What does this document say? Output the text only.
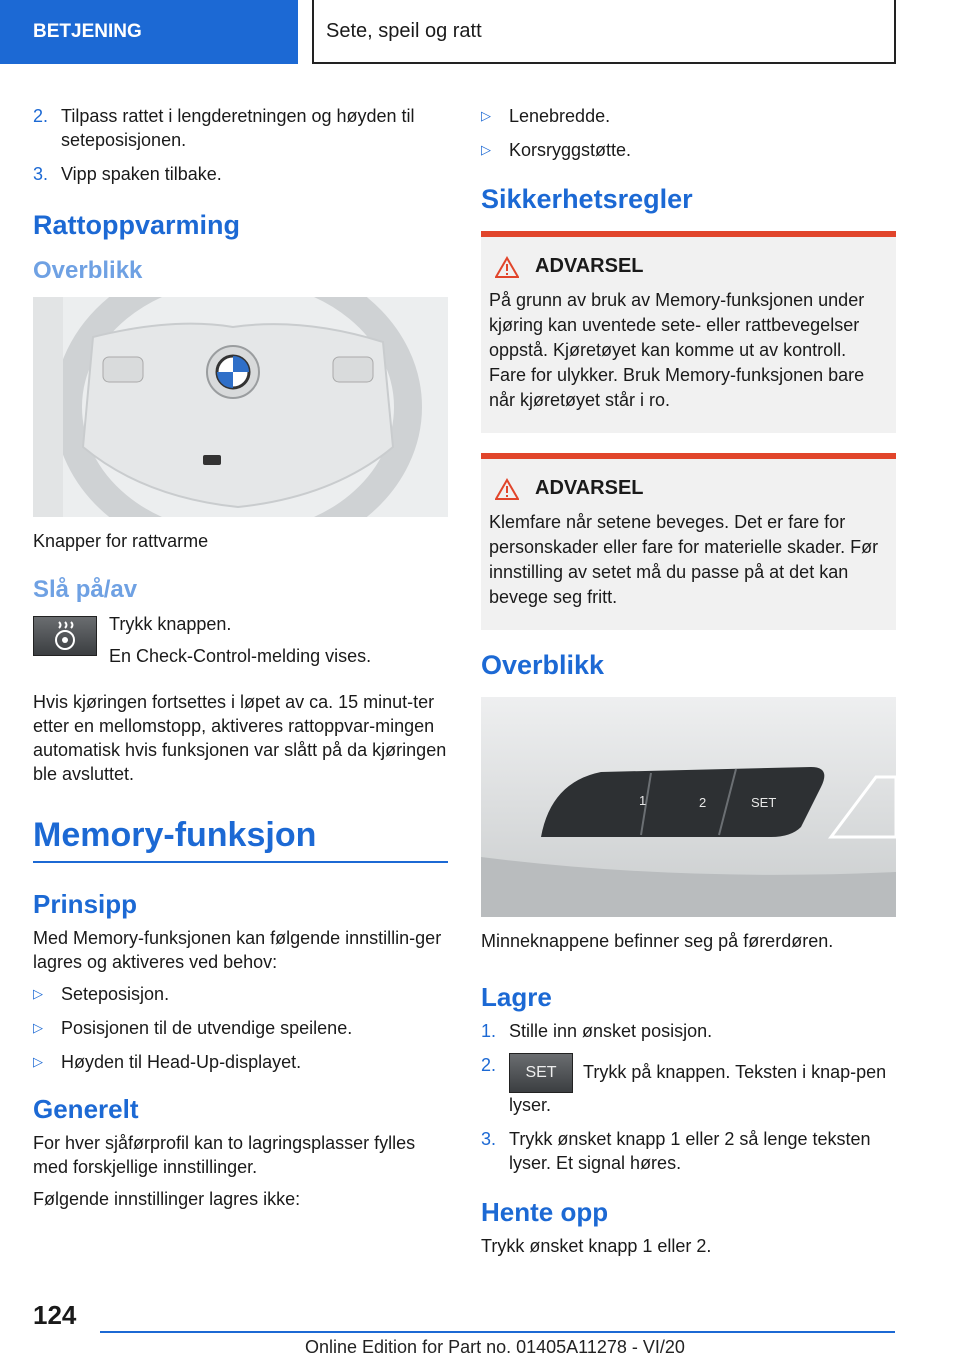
BETJENING	Sete, speil og ratt
2. Tilpass rattet i lengderetningen og høyden til seteposisjonen.
3. Vipp spaken tilbake.
Rattoppvarming
Overblikk
Knapper for rattvarme
Slå på/av
Trykk knappen.
En Check-Control-melding vises.
Hvis kjøringen fortsettes i løpet av ca. 15 minut-ter etter en mellomstopp, aktiveres rattoppvar-mingen automatisk hvis funksjonen var slått på da kjøringen ble avsluttet.
Memory-funksjon
Prinsipp
Med Memory-funksjonen kan følgende innstillin-ger lagres og aktiveres ved behov:
▷	Seteposisjon.
▷	Posisjonen til de utvendige speilene.
▷	Høyden til Head-Up-displayet.
Generelt
For hver sjåførprofil kan to lagringsplasser fylles med forskjellige innstillinger.
Følgende innstillinger lagres ikke:
▷	Lenebredde.
▷	Korsryggstøtte.
Sikkerhetsregler
ADVARSEL

På grunn av bruk av Memory-funksjonen under kjøring kan uventede sete- eller rattbevegelser oppstå. Kjøretøyet kan komme ut av kontroll. Fare for ulykker. Bruk Memory-funksjonen bare når kjøretøyet står i ro.

ADVARSEL

Klemfare når setene beveges. Det er fare for personskader eller fare for materielle skader. Før innstilling av setet må du passe på at det kan bevege seg fritt.

Overblikk
1	2	SET
Minneknappene befinner seg på førerdøren.
Lagre
1. Stille inn ønsket posisjon.
2.	SET Trykk på knappen. Teksten i knap-pen lyser.
3. Trykk ønsket knapp 1 eller 2 så lenge teksten lyser. Et signal høres.
Hente opp
Trykk ønsket knapp 1 eller 2.
124
Online Edition for Part no. 01405A11278 - VI/20
